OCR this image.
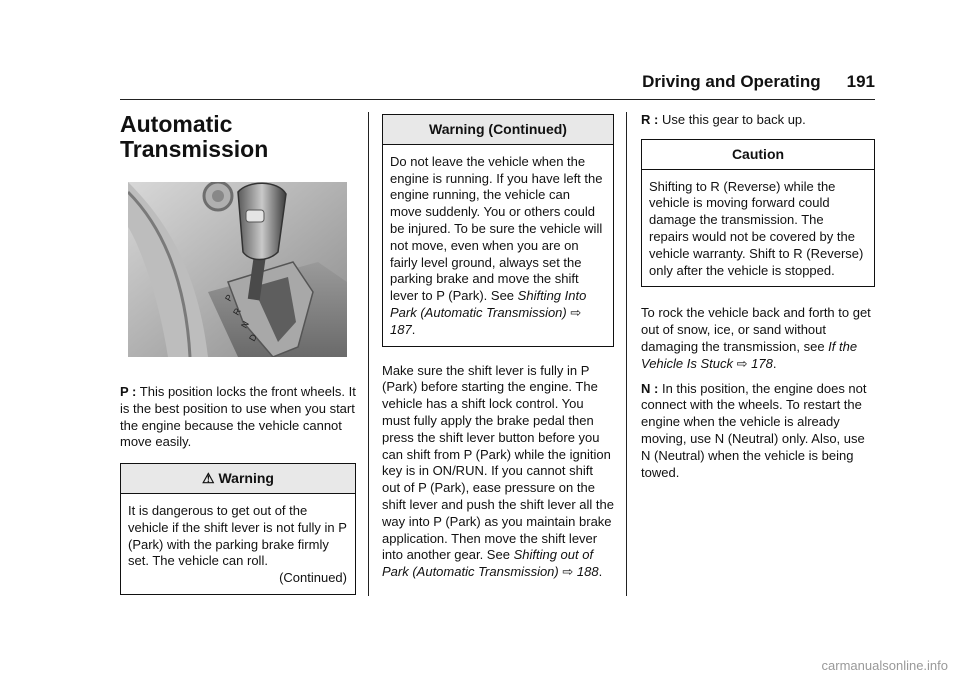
Driving and Operating 191
Automatic
Transmission
P
R
N
D

P : This position locks the front wheels. It is the best position to use when you start the engine because the vehicle cannot move easily.

⚠ Warning

It is dangerous to get out of the vehicle if the shift lever is not fully in P (Park) with the parking brake firmly set. The vehicle can roll.

(Continued)

Warning (Continued)
Do not leave the vehicle when the engine is running. If you have left the engine running, the vehicle can move suddenly. You or others could be injured. To be sure the vehicle will not move, even when you are on fairly level ground, always set the parking brake and move the shift lever to P (Park). See Shifting Into Park (Automatic Transmission) ⇨ 187.

Make sure the shift lever is fully in P (Park) before starting the engine. The vehicle has a shift lock control. You must fully apply the brake pedal then press the shift lever button before you can shift from P (Park) while the ignition key is in ON/RUN. If you cannot shift out of P (Park), ease pressure on the shift lever and push the shift lever all the way into P (Park) as you maintain brake application. Then move the shift lever into another gear. See Shifting out of Park (Automatic Transmission) ⇨ 188.

R : Use this gear to back up.

Caution
Shifting to R (Reverse) while the vehicle is moving forward could damage the transmission. The repairs would not be covered by the vehicle warranty. Shift to R (Reverse) only after the vehicle is stopped.

To rock the vehicle back and forth to get out of snow, ice, or sand without damaging the transmission, see If the Vehicle Is Stuck ⇨ 178.

N : In this position, the engine does not connect with the wheels. To restart the engine when the vehicle is already moving, use N (Neutral) only. Also, use N (Neutral) when the vehicle is being towed.

carmanualsonline.info
